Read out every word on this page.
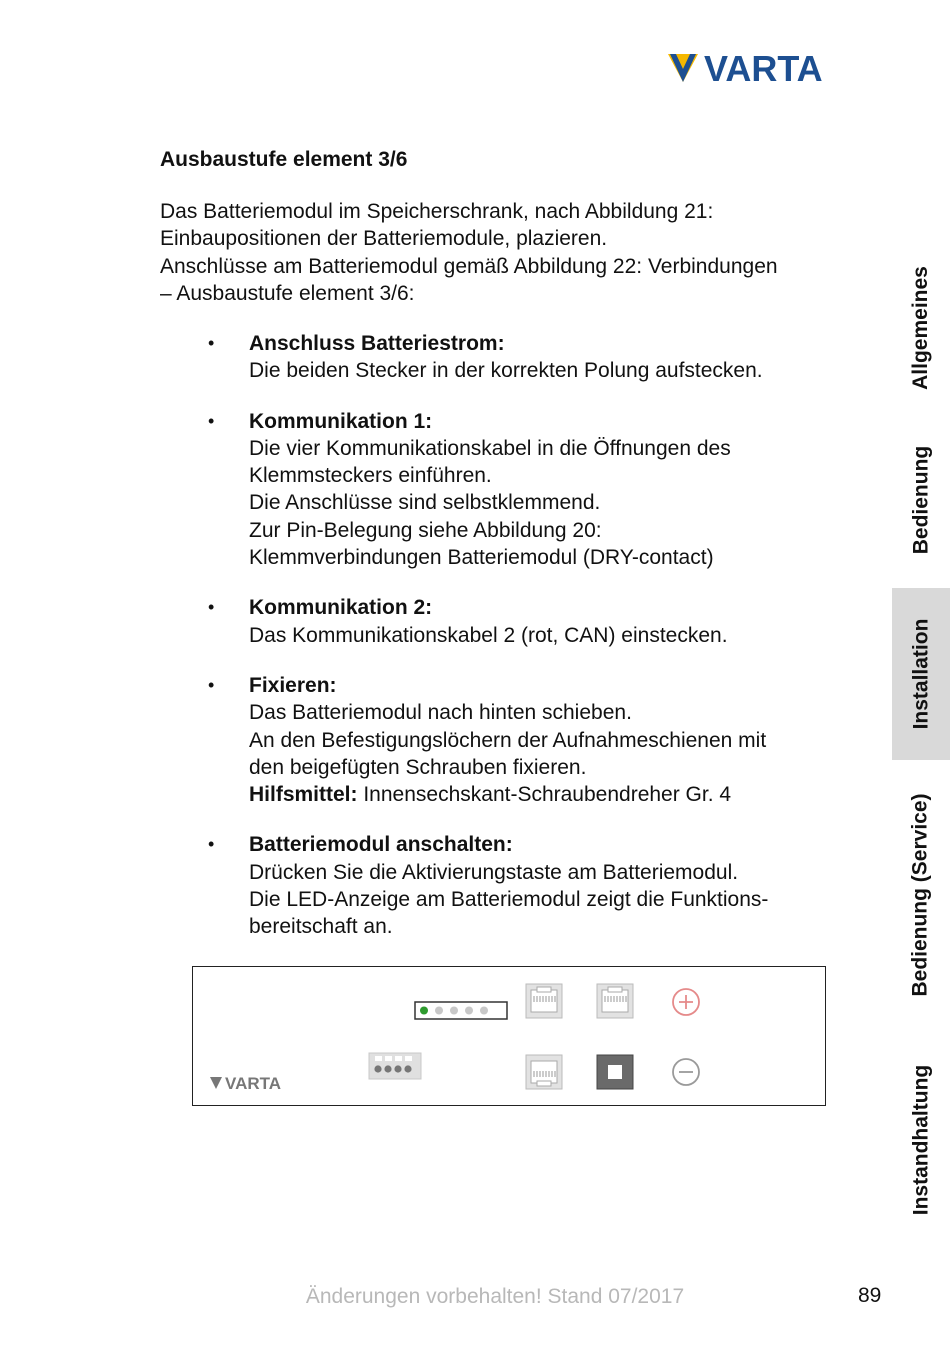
VARTA
Ausbaustufe element 3/6
Das Batteriemodul im Speicherschrank, nach Abbildung 21:
Einbaupositionen der Batteriemodule, plazieren.
Anschlüsse am Batteriemodul gemäß Abbildung 22: Verbindungen
– Ausbaustufe element 3/6:
• Anschluss Batteriestrom:
Die beiden Stecker in der korrekten Polung aufstecken.
• Kommunikation 1:
Die vier Kommunikationskabel in die Öffnungen des
Klemmsteckers einführen.
Die Anschlüsse sind selbstklemmend.
Zur Pin-Belegung siehe Abbildung 20:
Klemmverbindungen Batteriemodul (DRY-contact)
• Kommunikation 2:
Das Kommunikationskabel 2 (rot, CAN) einstecken.
• Fixieren:
Das Batteriemodul nach hinten schieben.
An den Befestigungslöchern der Aufnahmeschienen mit
den beigefügten Schrauben fixieren.
Hilfsmittel: Innensechskant-Schraubendreher Gr. 4
• Batteriemodul anschalten:
Drücken Sie die Aktivierungstaste am Batteriemodul.
Die LED-Anzeige am Batteriemodul zeigt die Funktions-
bereitschaft an.
VARTA
Allgemeines
Bedienung
Installation
Bedienung (Service)
Instandhaltung
Änderungen vorbehalten! Stand 07/2017	89
